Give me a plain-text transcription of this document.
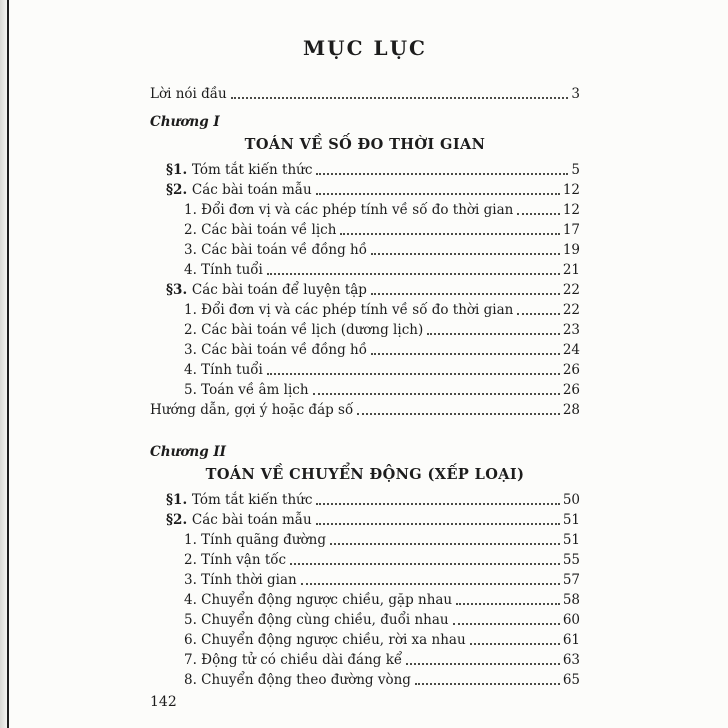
MỤC LỤC
Lời nói đầu	3
Chương I
TOÁN VỀ SỐ ĐO THỜI GIAN
§1. Tóm tắt kiến thức	5
§2. Các bài toán mẫu	12
1. Đổi đơn vị và các phép tính về số đo thời gian	12
2. Các bài toán về lịch	17
3. Các bài toán về đồng hồ	19
4. Tính tuổi	21
§3. Các bài toán để luyện tập	22
1. Đổi đơn vị và các phép tính về số đo thời gian	22
2. Các bài toán về lịch (dương lịch)	23
3. Các bài toán về đồng hồ	24
4. Tính tuổi	26
5. Toán về âm lịch	26
Hướng dẫn, gợi ý hoặc đáp số	28
Chương II
TOÁN VỀ CHUYỂN ĐỘNG (XẾP LOẠI)
§1. Tóm tắt kiến thức	50
§2. Các bài toán mẫu	51
1. Tính quãng đường	51
2. Tính vận tốc	55
3. Tính thời gian	57
4. Chuyển động ngược chiều, gặp nhau	58
5. Chuyển động cùng chiều, đuổi nhau	60
6. Chuyển động ngược chiều, rời xa nhau	61
7. Động tử có chiều dài đáng kể	63
8. Chuyển động theo đường vòng	65
142
